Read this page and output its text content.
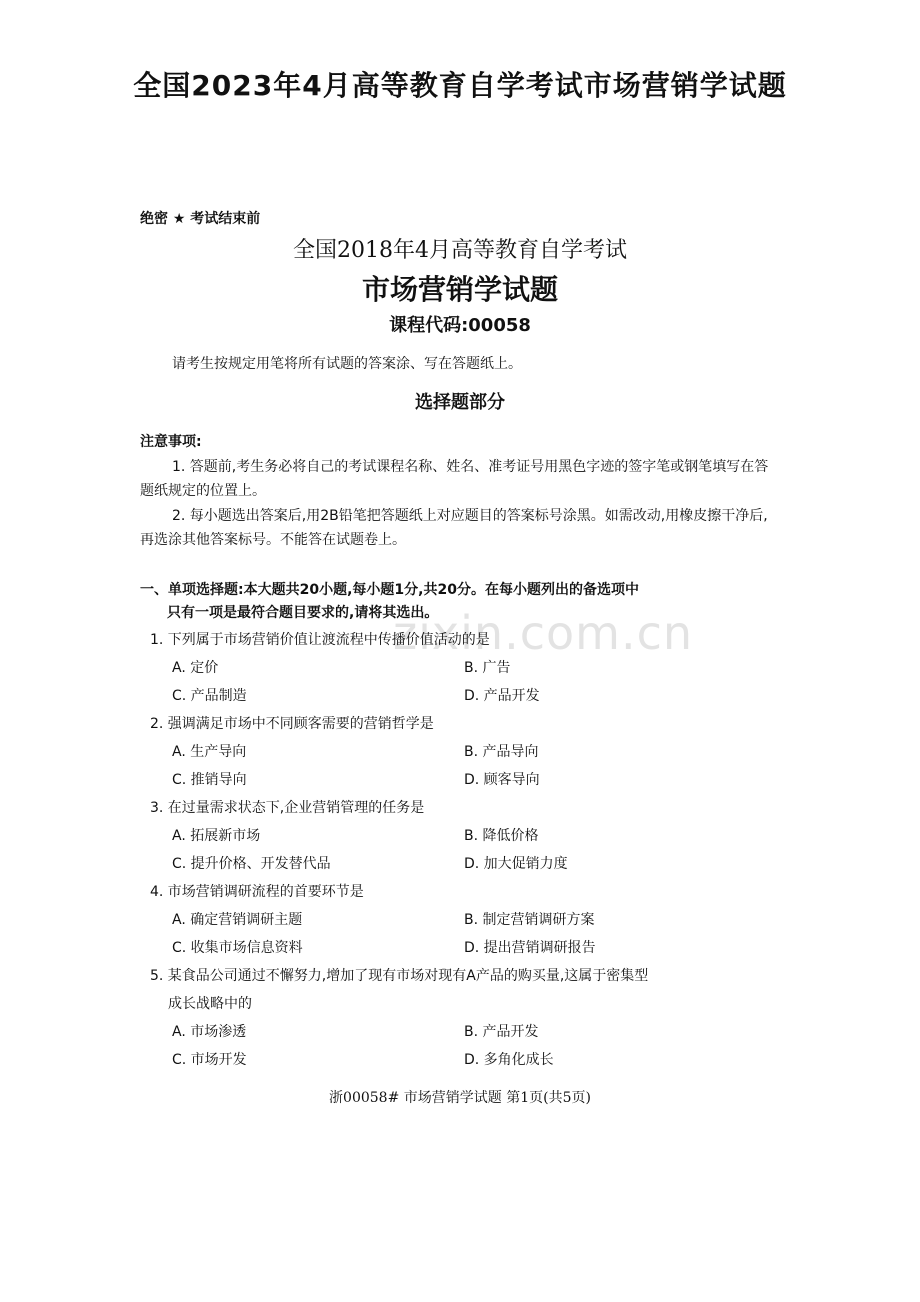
全国2023年4月高等教育自学考试市场营销学试题
绝密 ★ 考试结束前
全国2018年4月高等教育自学考试
市场营销学试题
课程代码:00058
请考生按规定用笔将所有试题的答案涂、写在答题纸上。
选择题部分
注意事项:

1. 答题前,考生务必将自己的考试课程名称、姓名、准考证号用黑色字迹的签字笔或钢笔填写在答题纸规定的位置上。

2. 每小题选出答案后,用2B铅笔把答题纸上对应题目的答案标号涂黑。如需改动,用橡皮擦干净后,再选涂其他答案标号。不能答在试题卷上。

zixin.com.cn
一、单项选择题:本大题共20小题,每小题1分,共20分。在每小题列出的备选项中
只有一项是最符合题目要求的,请将其选出。
1. 下列属于市场营销价值让渡流程中传播价值活动的是
A. 定价	B. 广告
C. 产品制造	D. 产品开发
2. 强调满足市场中不同顾客需要的营销哲学是
A. 生产导向	B. 产品导向
C. 推销导向	D. 顾客导向
3. 在过量需求状态下,企业营销管理的任务是
A. 拓展新市场	B. 降低价格
C. 提升价格、开发替代品	D. 加大促销力度
4. 市场营销调研流程的首要环节是
A. 确定营销调研主题	B. 制定营销调研方案
C. 收集市场信息资料	D. 提出营销调研报告
5. 某食品公司通过不懈努力,增加了现有市场对现有A产品的购买量,这属于密集型
成长战略中的
A. 市场渗透	B. 产品开发
C. 市场开发	D. 多角化成长
浙00058# 市场营销学试题 第1页(共5页)
